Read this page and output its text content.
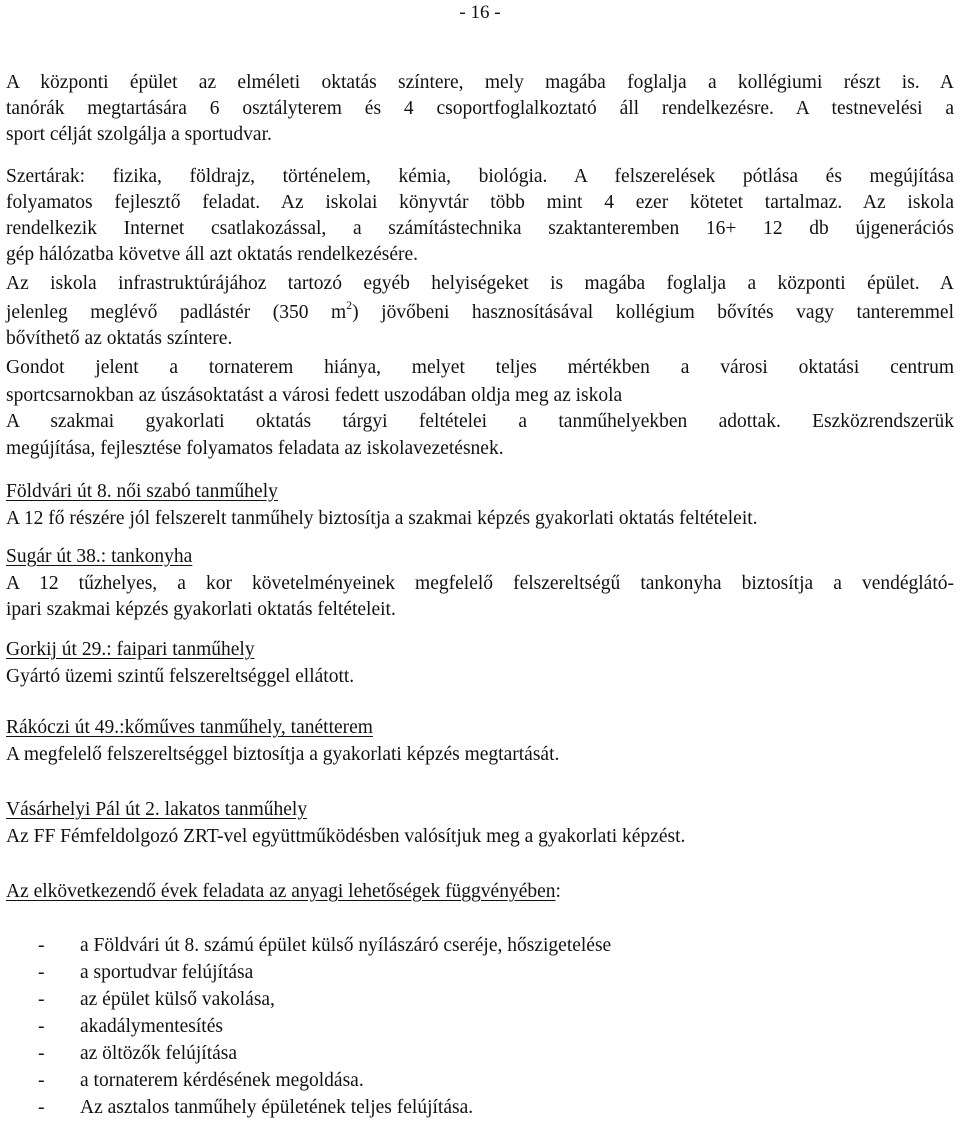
- 16 -
A központi épület az elméleti oktatás színtere, mely magába foglalja a kollégiumi részt is. A
tanórák megtartására 6 osztályterem és 4 csoportfoglalkoztató áll rendelkezésre. A testnevelési a
sport célját szolgálja a sportudvar.
Szertárak: fizika, földrajz, történelem, kémia, biológia. A felszerelések pótlása és megújítása
folyamatos fejlesztő feladat. Az iskolai könyvtár több mint 4 ezer kötetet tartalmaz. Az iskola
rendelkezik Internet csatlakozással, a számítástechnika szaktanteremben 16+ 12 db újgenerációs
gép hálózatba követve áll azt oktatás rendelkezésére.
Az iskola infrastruktúrájához tartozó egyéb helyiségeket is magába foglalja a központi épület. A
jelenleg meglévő padlástér (350 $m^2$) jövőbeni hasznosításával kollégium bővítés vagy tanteremmel
bővíthető az oktatás színtere.
Gondot jelent a tornaterem hiánya, melyet teljes mértékben a városi oktatási centrum
sportcsarnokban az úszásoktatást a városi fedett uszodában oldja meg az iskola
A szakmai gyakorlati oktatás tárgyi feltételei a tanműhelyekben adottak. Eszközrendszerük
megújítása, fejlesztése folyamatos feladata az iskolavezetésnek.
Földvári út 8. női szabó tanműhely
A 12 fő részére jól felszerelt tanműhely biztosítja a szakmai képzés gyakorlati oktatás feltételeit.
Sugár út 38.: tankonyha
A 12 tűzhelyes, a kor követelményeinek megfelelő felszereltségű tankonyha biztosítja a vendéglátó-
ipari szakmai képzés gyakorlati oktatás feltételeit.
Gorkij út 29.: faipari tanműhely
Gyártó üzemi szintű felszereltséggel ellátott.
Rákóczi út 49.:kőműves tanműhely, tanétterem
A megfelelő felszereltséggel biztosítja a gyakorlati képzés megtartását.
Vásárhelyi Pál út 2. lakatos tanműhely
Az FF Fémfeldolgozó ZRT-vel együttműködésben valósítjuk meg a gyakorlati képzést.
Az elkövetkezendő évek feladata az anyagi lehetőségek függvényében:
- a Földvári út 8. számú épület külső nyílászáró cseréje, hőszigetelése
- a sportudvar felújítása
- az épület külső vakolása,
- akadálymentesítés
- az öltözők felújítása
- a tornaterem kérdésének megoldása.
- Az asztalos tanműhely épületének teljes felújítása.
